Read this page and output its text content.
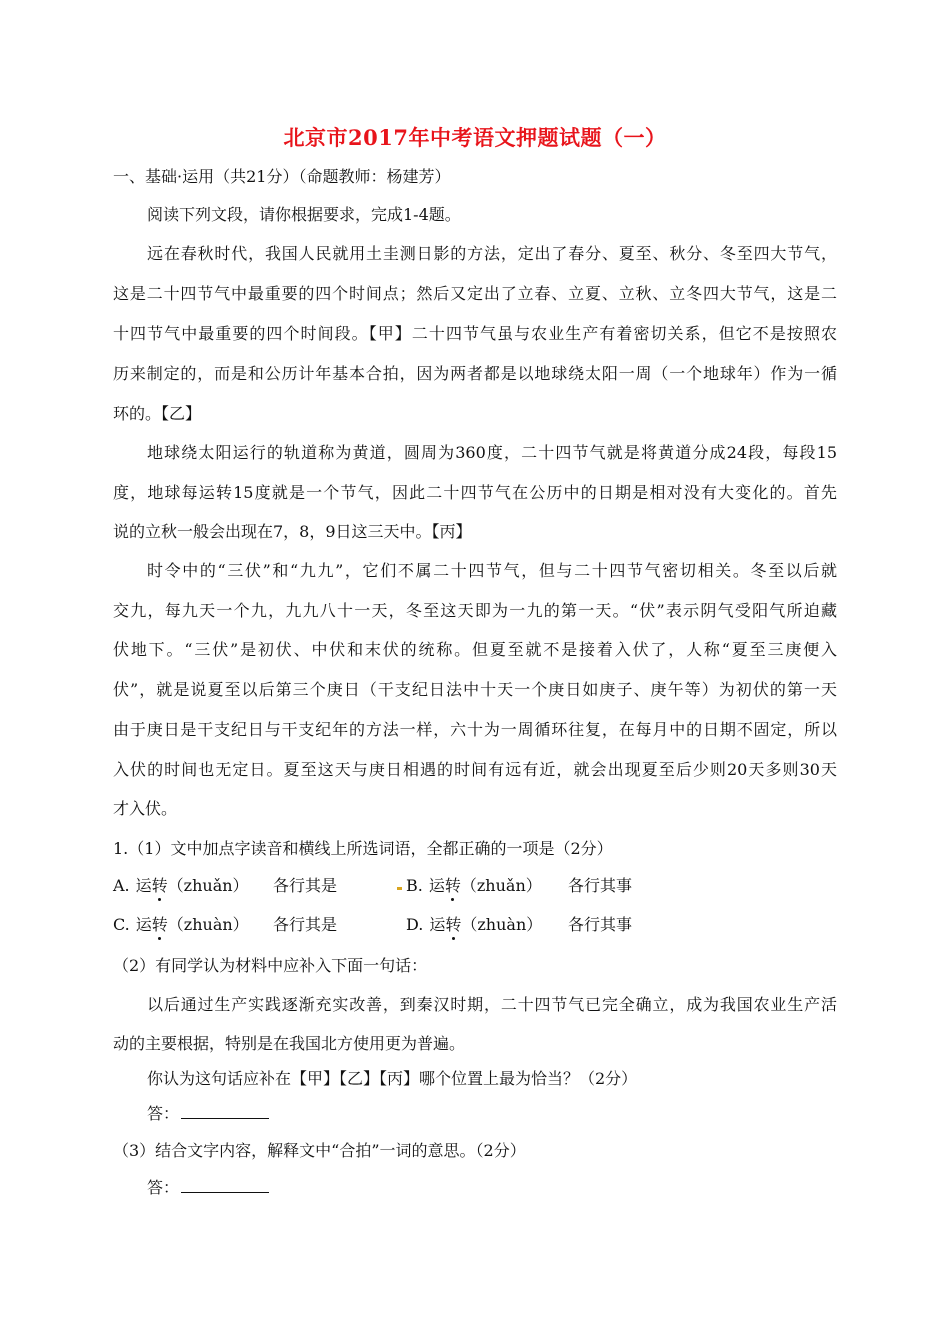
北京市2017年中考语文押题试题（一）
一、基础·运用（共21分）（命题教师：杨建芳）
阅读下列文段，请你根据要求，完成1-4题。
远在春秋时代，我国人民就用土圭测日影的方法，定出了春分、夏至、秋分、冬至四大节气，
这是二十四节气中最重要的四个时间点；然后又定出了立春、立夏、立秋、立冬四大节气，这是二
十四节气中最重要的四个时间段。【甲】二十四节气虽与农业生产有着密切关系，但它不是按照农
历来制定的，而是和公历计年基本合拍，因为两者都是以地球绕太阳一周（一个地球年）作为一循
环的。【乙】
地球绕太阳运行的轨道称为黄道，圆周为360度，二十四节气就是将黄道分成24段，每段15
度，地球每运转15度就是一个节气，因此二十四节气在公历中的日期是相对没有大变化的。首先
说的立秋一般会出现在7，8，9日这三天中。【丙】
时令中的“三伏”和“九九”，它们不属二十四节气，但与二十四节气密切相关。冬至以后就
交九，每九天一个九，九九八十一天，冬至这天即为一九的第一天。“伏”表示阴气受阳气所迫藏
伏地下。“三伏”是初伏、中伏和末伏的统称。但夏至就不是接着入伏了，人称“夏至三庚便入
伏”，就是说夏至以后第三个庚日（干支纪日法中十天一个庚日如庚子、庚午等）为初伏的第一天
由于庚日是干支纪日与干支纪年的方法一样，六十为一周循环往复，在每月中的日期不固定，所以
入伏的时间也无定日。夏至这天与庚日相遇的时间有远有近，就会出现夏至后少则20天多则30天
才入伏。
1.（1）文中加点字读音和横线上所选词语，全都正确的一项是（2分）
A. 运转（zhuǎn） 各行其是	B. 运转（zhuǎn） 各行其事
C. 运转（zhuàn） 各行其是	D. 运转（zhuàn） 各行其事
（2）有同学认为材料中应补入下面一句话：
以后通过生产实践逐渐充实改善，到秦汉时期，二十四节气已完全确立，成为我国农业生产活
动的主要根据，特别是在我国北方使用更为普遍。
你认为这句话应补在【甲】【乙】【丙】哪个位置上最为恰当？（2分）
答：
（3）结合文字内容，解释文中“合拍”一词的意思。（2分）
答：
